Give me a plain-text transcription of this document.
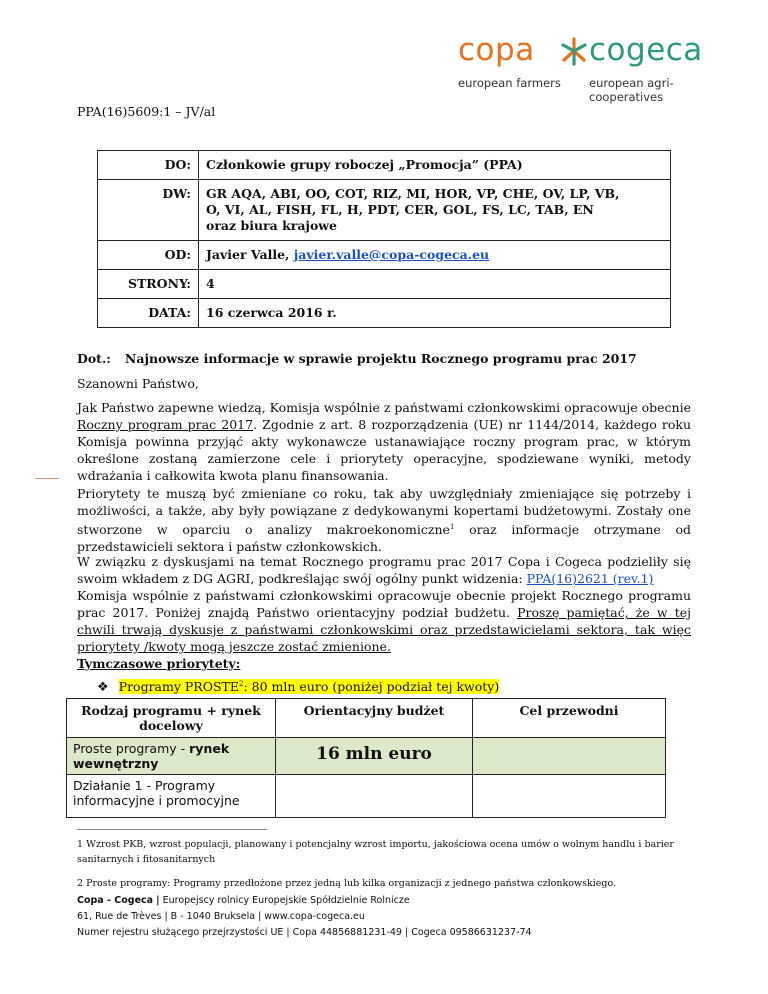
copa cogeca
european farmers european agri-cooperatives
PPA(16)5609:1 – JV/al
DO:	Członkowie grupy roboczej „Promocja” (PPA)
DW:	GR AQA, ABI, OO, COT, RIZ, MI, HOR, VP, CHE, OV, LP, VB,
O, VI, AL, FISH, FL, H, PDT, CER, GOL, FS, LC, TAB, EN
oraz biura krajowe

OD:	Javier Valle, javier.valle@copa-cogeca.eu
STRONY:	4
DATA:	16 czerwca 2016 r.
Dot.: Najnowsze informacje w sprawie projektu Rocznego programu prac 2017
Szanowni Państwo,
Jak Państwo zapewne wiedzą, Komisja wspólnie z państwami członkowskimi opracowuje obecnie Roczny program prac 2017. Zgodnie z art. 8 rozporządzenia (UE) nr 1144/2014, każdego roku Komisja powinna przyjąć akty wykonawcze ustanawiające roczny program prac, w którym określone zostaną zamierzone cele i priorytety operacyjne, spodziewane wyniki, metody wdrażania i całkowita kwota planu finansowania.
Priorytety te muszą być zmieniane co roku, tak aby uwzględniały zmieniające się potrzeby i możliwości, a także, aby były powiązane z dedykowanymi kopertami budżetowymi. Zostały one stworzone w oparciu o analizy makroekonomiczne$^1$ oraz informacje otrzymane od przedstawicieli sektora i państw członkowskich.
W związku z dyskusjami na temat Rocznego programu prac 2017 Copa i Cogeca podzieliły się swoim wkładem z DG AGRI, podkreślając swój ogólny punkt widzenia: PPA(16)2621 (rev.1)
Komisja wspólnie z państwami członkowskimi opracowuje obecnie projekt Rocznego programu prac 2017. Poniżej znajdą Państwo orientacyjny podział budżetu. Proszę pamiętać, że w tej chwili trwają dyskusje z państwami członkowskimi oraz przedstawicielami sektora, tak więc priorytety /kwoty mogą jeszcze zostać zmienione.
Tymczasowe priorytety:
❖ Programy PROSTE$^2$: 80 mln euro (poniżej podział tej kwoty)
Rodzaj programu + rynek docelowy	Orientacyjny budżet	Cel przewodni
Proste programy - rynek wewnętrzny	16 mln euro	
Działanie 1 - Programy informacyjne i promocyjne		
1 Wzrost PKB, wzrost populacji, planowany i potencjalny wzrost importu, jakościowa ocena umów o wolnym handlu i barier
sanitarnych i fitosanitarnych
2 Proste programy: Programy przedłożone przez jedną lub kilka organizacji z jednego państwa członkowskiego.
Copa - Cogeca | Europejscy rolnicy Europejskie Spółdzielnie Rolnicze
61, Rue de Trèves | B - 1040 Bruksela | www.copa-cogeca.eu
Numer rejestru służącego przejrzystości UE | Copa 44856881231-49 | Cogeca 09586631237-74
